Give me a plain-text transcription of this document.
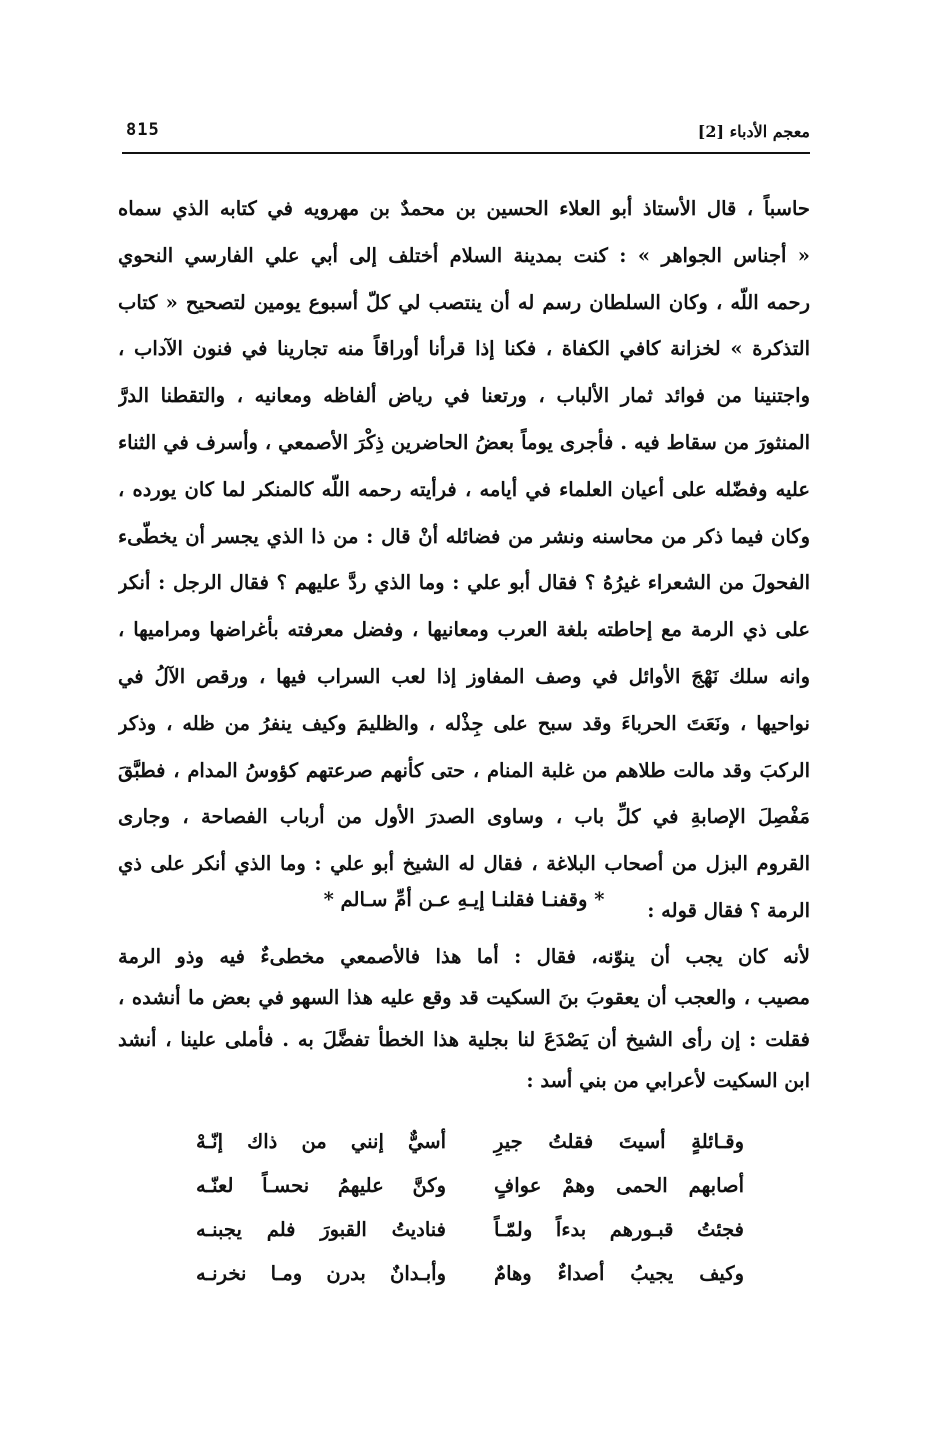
815	معجم الأدباء [2]
حاسباً ، قال الأستاذ أبو العلاء الحسين بن محمدٌ بن مهرويه في كتابه الذي سماه
« أجناس الجواهر » : كنت بمدينة السلام أختلف إلى أبي علي الفارسي النحوي
رحمه اللّه ، وكان السلطان رسم له أن ينتصب لي كلّ أسبوع يومين لتصحيح « كتاب
التذكرة » لخزانة كافي الكفاة ، فكنا إذا قرأنا أوراقاً منه تجارينا في فنون الآداب ،
واجتنينا من فوائد ثمار الألباب ، ورتعنا في رياض ألفاظه ومعانيه ، والتقطنا الدرَّ
المنثورَ من سقاط فيه . فأجرى يوماً بعضُ الحاضرين ذِكْرَ الأصمعي ، وأسرف في الثناء
عليه وفضّله على أعيان العلماء في أيامه ، فرأيته رحمه اللّه كالمنكر لما كان يورده ،
وكان فيما ذكر من محاسنه ونشر من فضائله أنْ قال : من ذا الذي يجسر أن يخطّىء
الفحولَ من الشعراء غيرُهُ ؟ فقال أبو علي : وما الذي ردَّ عليهم ؟ فقال الرجل : أنكر
على ذي الرمة مع إحاطته بلغة العرب ومعانيها ، وفضل معرفته بأغراضها ومراميها ،
وانه سلك نَهْجَ الأوائل في وصف المفاوز إذا لعب السراب فيها ، ورقص الآلُ في
نواحيها ، ونَعَتَ الحرباءَ وقد سبح على جِذْله ، والظليمَ وكيف ينفرُ من ظله ، وذكر
الركبَ وقد مالت طلاهم من غلبة المنام ، حتى كأنهم صرعتهم كؤوسُ المدام ، فطبَّقَ
مَفْصِلَ الإصابةِ في كلِّ باب ، وساوى الصدرَ الأول من أرباب الفصاحة ، وجارى
القروم البزل من أصحاب البلاغة ، فقال له الشيخ أبو علي : وما الذي أنكر على ذي
الرمة ؟ فقال قوله :
* وقفنـا فقلنـا إيـهِ عـن أمِّ سـالم *
لأنه كان يجب أن ينوّنه، فقال : أما هذا فالأصمعي مخطىءٌ فيه وذو الرمة
مصيب ، والعجب أن يعقوبَ بنَ السكيت قد وقع عليه هذا السهو في بعض ما أنشده ،
فقلت : إن رأى الشيخ أن يَصْدَعَ لنا بجلية هذا الخطأ تفضَّلَ به . فأملى علينا ، أنشد
ابن السكيت لأعرابي من بني أسد :
وقـائلةٍ أسيتَ فقلتُ جيرِ
أسيٌّ إنني من ذاك إنّـهْ
أصابهم الحمى وهمْ عوافٍ
وكنَّ عليهمُ نحسـاً لعنّـه
فجئتُ قبـورهم بدءاً ولمّـاً
فناديتُ القبورَ فلم يجبنـه
وكيف يجيبُ أصداءٌ وهامٌ
وأبـدانٌ بدرن ومـا نخرنـه
